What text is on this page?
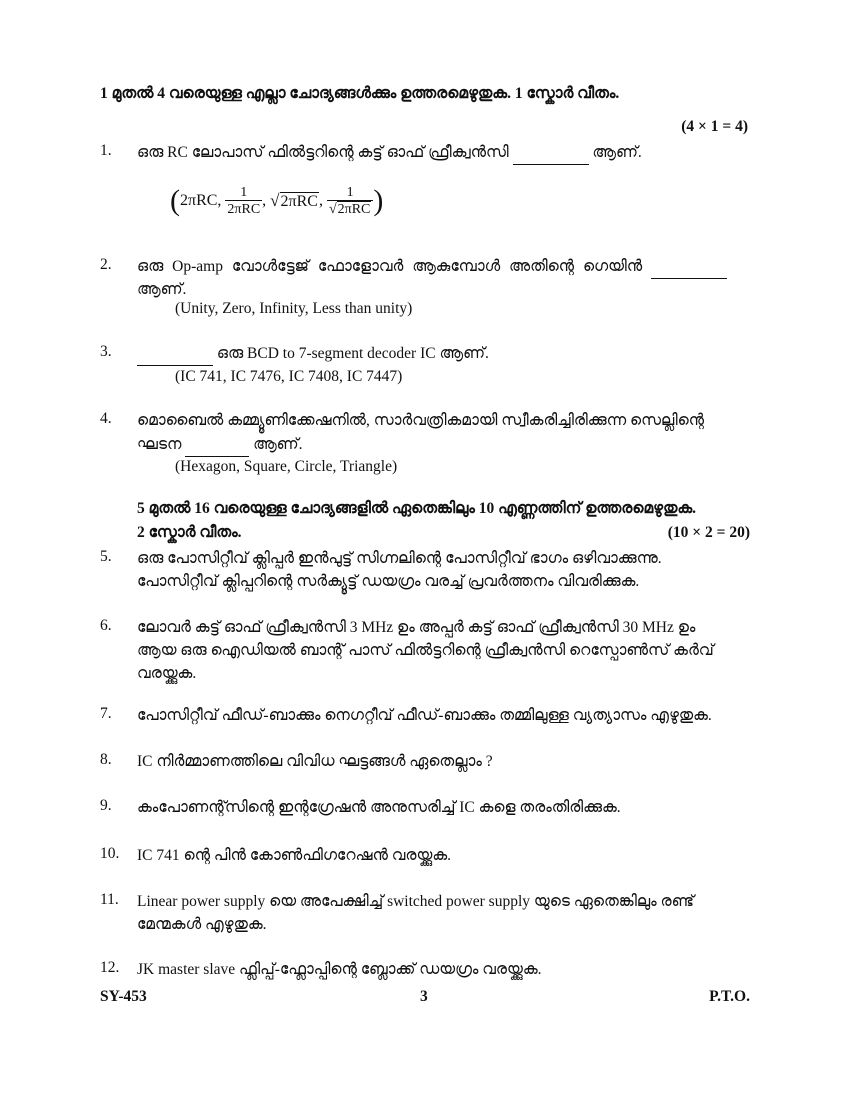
1 മുതൽ 4 വരെയുള്ള എല്ലാ ചോദ്യങ്ങൾക്കും ഉത്തരമെഴുതുക. 1 സ്കോർ വീതം.
(4 × 1 = 4)
1. ഒരു RC ലോപാസ് ഫിൽട്ടറിന്റെ കട്ട് ഓഫ് ഫ്രീക്വൻസി	ആണ്.
(2πRC, $\frac{1}{\text{2πRC}}$ , √2πRC, $\frac{1}{\text{√2πRC}}$ )
2. ഒരു Op-amp വോൾട്ടേജ് ഫോളോവർ ആകുമ്പോൾ അതിന്റെ ഗെയിൻ   ആണ്.
(Unity, Zero, Infinity, Less than unity)
3.	ഒരു BCD to 7-segment decoder IC ആണ്.
(IC 741, IC 7476, IC 7408, IC 7447)
4. മൊബൈൽ കമ്മ്യൂണിക്കേഷനിൽ, സാർവത്രികമായി സ്വീകരിച്ചിരിക്കുന്ന സെല്ലിന്റെ
ഘടന	ആണ്.
(Hexagon, Square, Circle, Triangle)
5 മുതൽ 16 വരെയുള്ള ചോദ്യങ്ങളിൽ ഏതെങ്കിലും 10 എണ്ണത്തിന് ഉത്തരമെഴുതുക.
2 സ്കോർ വീതം.	(10 × 2 = 20)
5. ഒരു പോസിറ്റീവ് ക്ലിപ്പർ ഇൻപുട്ട് സിഗ്നലിന്റെ പോസിറ്റീവ് ഭാഗം ഒഴിവാക്കുന്നു.
പോസിറ്റീവ് ക്ലിപ്പറിന്റെ സർക്യൂട്ട് ഡയഗ്രം വരച്ച് പ്രവർത്തനം വിവരിക്കുക.
6. ലോവർ കട്ട് ഓഫ് ഫ്രീക്വൻസി 3 MHz ഉം അപ്പർ കട്ട് ഓഫ് ഫ്രീക്വൻസി 30 MHz ഉം
ആയ ഒരു ഐഡിയൽ ബാന്റ് പാസ് ഫിൽട്ടറിന്റെ ഫ്രീക്വൻസി റെസ്പോൺസ് കർവ്
വരയ്ക്കുക.
7. പോസിറ്റീവ് ഫീഡ്-ബാക്കും നെഗറ്റീവ് ഫീഡ്-ബാക്കും തമ്മിലുള്ള വ്യത്യാസം എഴുതുക.
8. IC നിർമ്മാണത്തിലെ വിവിധ ഘട്ടങ്ങൾ ഏതെല്ലാം ?
9. കംപോണന്റ്സിന്റെ ഇന്റഗ്രേഷൻ അനുസരിച്ച് IC കളെ തരംതിരിക്കുക.
10. IC 741 ന്റെ പിൻ കോൺഫിഗറേഷൻ വരയ്ക്കുക.
11. Linear power supply യെ അപേക്ഷിച്ച് switched power supply യുടെ ഏതെങ്കിലും രണ്ട്
മേന്മകൾ എഴുതുക.
12. JK master slave ഫ്ലിപ്പ്-ഫ്ലോപ്പിന്റെ ബ്ലോക്ക് ഡയഗ്രം വരയ്ക്കുക.
SY-453	3	P.T.O.
